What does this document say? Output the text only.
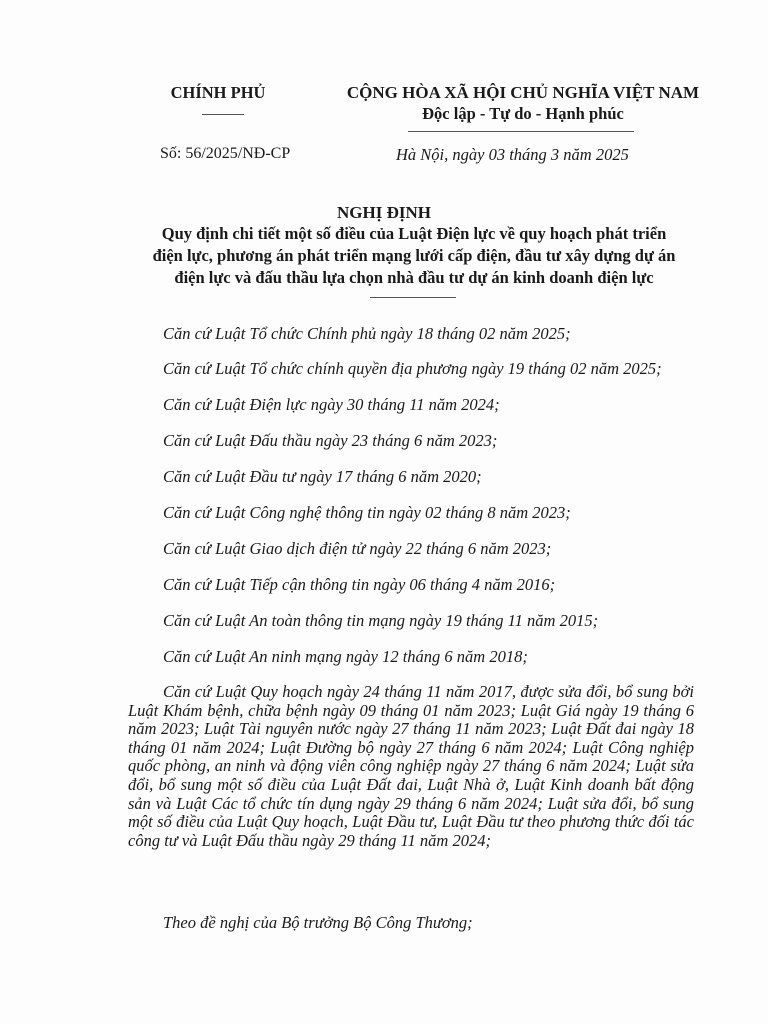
CHÍNH PHỦ	CỘNG HÒA XÃ HỘI CHỦ NGHĨA VIỆT NAM
Độc lập - Tự do - Hạnh phúc
Số: 56/2025/NĐ-CP	Hà Nội, ngày 03 tháng 3 năm 2025
NGHỊ ĐỊNH
Quy định chi tiết một số điều của Luật Điện lực về quy hoạch phát triển
điện lực, phương án phát triển mạng lưới cấp điện, đầu tư xây dựng dự án
điện lực và đấu thầu lựa chọn nhà đầu tư dự án kinh doanh điện lực
Căn cứ Luật Tổ chức Chính phủ ngày 18 tháng 02 năm 2025;
Căn cứ Luật Tổ chức chính quyền địa phương ngày 19 tháng 02 năm 2025;
Căn cứ Luật Điện lực ngày 30 tháng 11 năm 2024;
Căn cứ Luật Đấu thầu ngày 23 tháng 6 năm 2023;
Căn cứ Luật Đầu tư ngày 17 tháng 6 năm 2020;
Căn cứ Luật Công nghệ thông tin ngày 02 tháng 8 năm 2023;
Căn cứ Luật Giao dịch điện tử ngày 22 tháng 6 năm 2023;
Căn cứ Luật Tiếp cận thông tin ngày 06 tháng 4 năm 2016;
Căn cứ Luật An toàn thông tin mạng ngày 19 tháng 11 năm 2015;
Căn cứ Luật An ninh mạng ngày 12 tháng 6 năm 2018;
Căn cứ Luật Quy hoạch ngày 24 tháng 11 năm 2017, được sửa đổi, bổ sung bởi Luật Khám bệnh, chữa bệnh ngày 09 tháng 01 năm 2023; Luật Giá ngày 19 tháng 6 năm 2023; Luật Tài nguyên nước ngày 27 tháng 11 năm 2023; Luật Đất đai ngày 18 tháng 01 năm 2024; Luật Đường bộ ngày 27 tháng 6 năm 2024; Luật Công nghiệp quốc phòng, an ninh và động viên công nghiệp ngày 27 tháng 6 năm 2024; Luật sửa đổi, bổ sung một số điều của Luật Đất đai, Luật Nhà ở, Luật Kinh doanh bất động sản và Luật Các tổ chức tín dụng ngày 29 tháng 6 năm 2024; Luật sửa đổi, bổ sung một số điều của Luật Quy hoạch, Luật Đầu tư, Luật Đầu tư theo phương thức đối tác công tư và Luật Đấu thầu ngày 29 tháng 11 năm 2024;
Theo đề nghị của Bộ trưởng Bộ Công Thương;
